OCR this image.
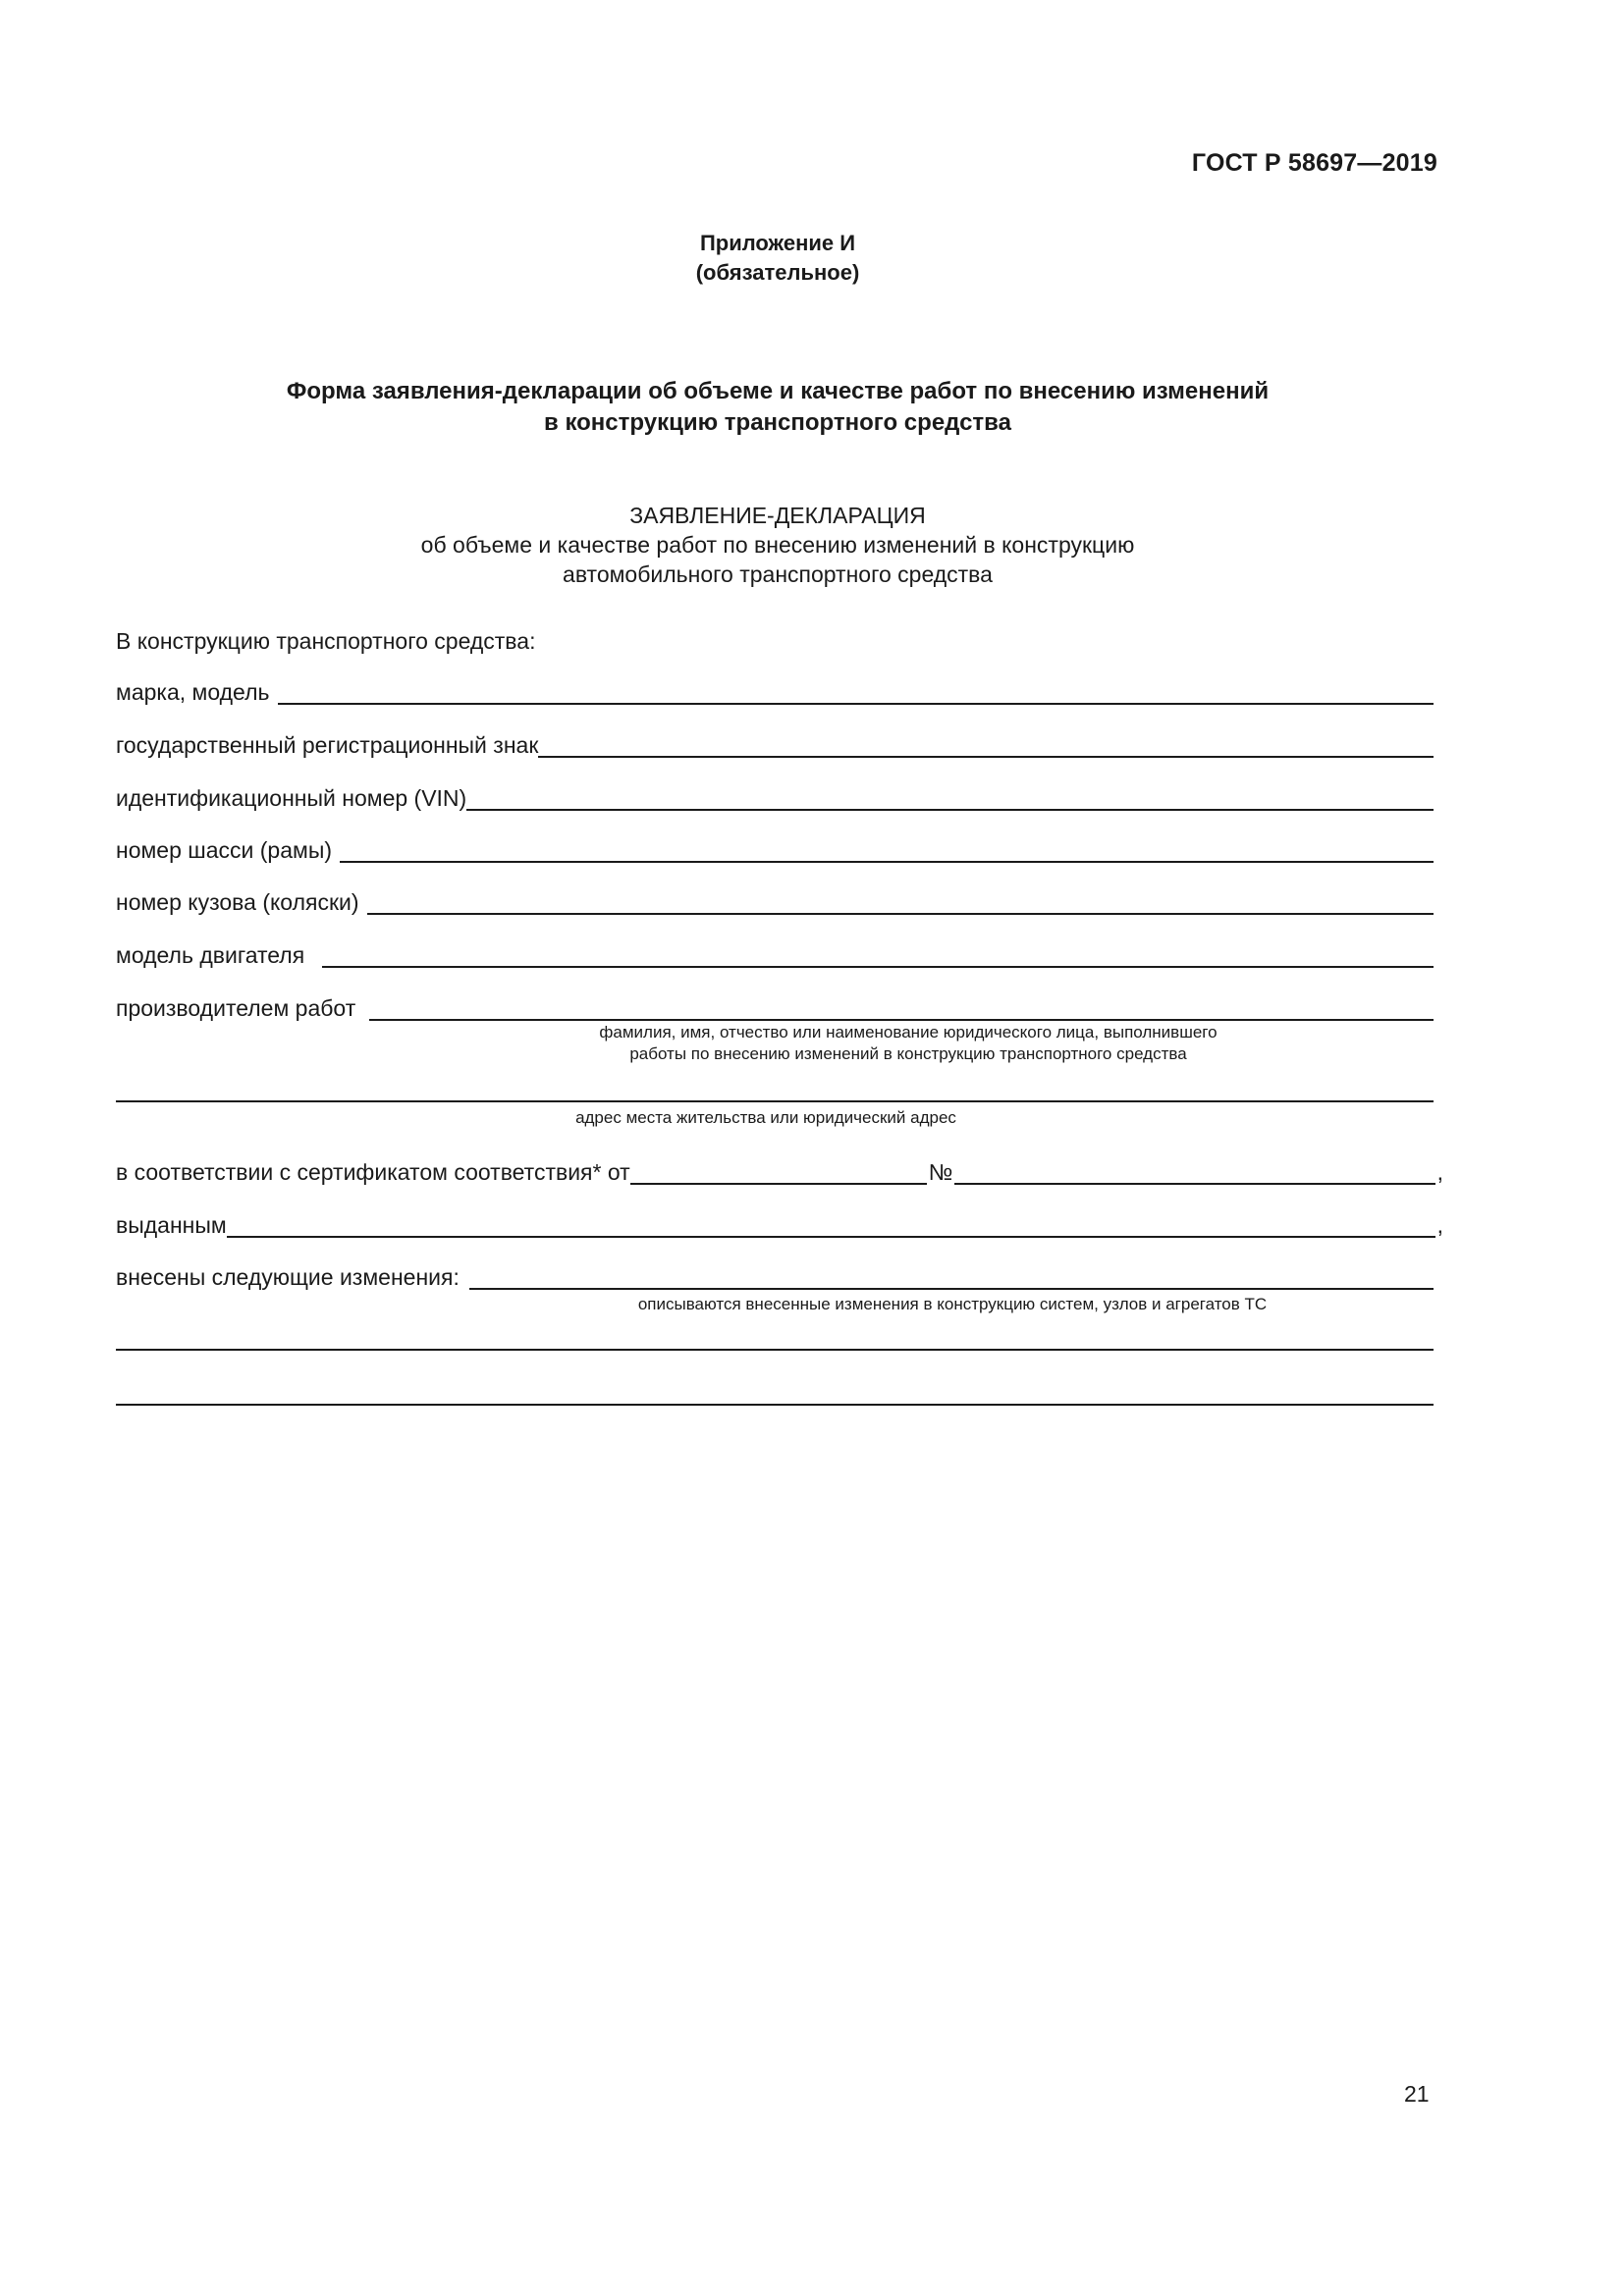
ГОСТ Р 58697—2019
Приложение И
(обязательное)
Форма заявления-декларации об объеме и качестве работ по внесению изменений
в конструкцию транспортного средства
ЗАЯВЛЕНИЕ-ДЕКЛАРАЦИЯ
об объеме и качестве работ по внесению изменений в конструкцию
автомобильного транспортного средства
В конструкцию транспортного средства:
марка, модель
государственный регистрационный знак
идентификационный номер (VIN)
номер шасси (рамы)
номер кузова (коляски)
модель двигателя
производителем работ
фамилия, имя, отчество или наименование юридического лица, выполнившего
работы по внесению изменений в конструкцию транспортного средства
адрес места жительства или юридический адрес
в соответствии с сертификатом соответствия* от	№	,
выданным	,
внесены следующие изменения:
описываются внесенные изменения в конструкцию систем, узлов и агрегатов ТС
21
